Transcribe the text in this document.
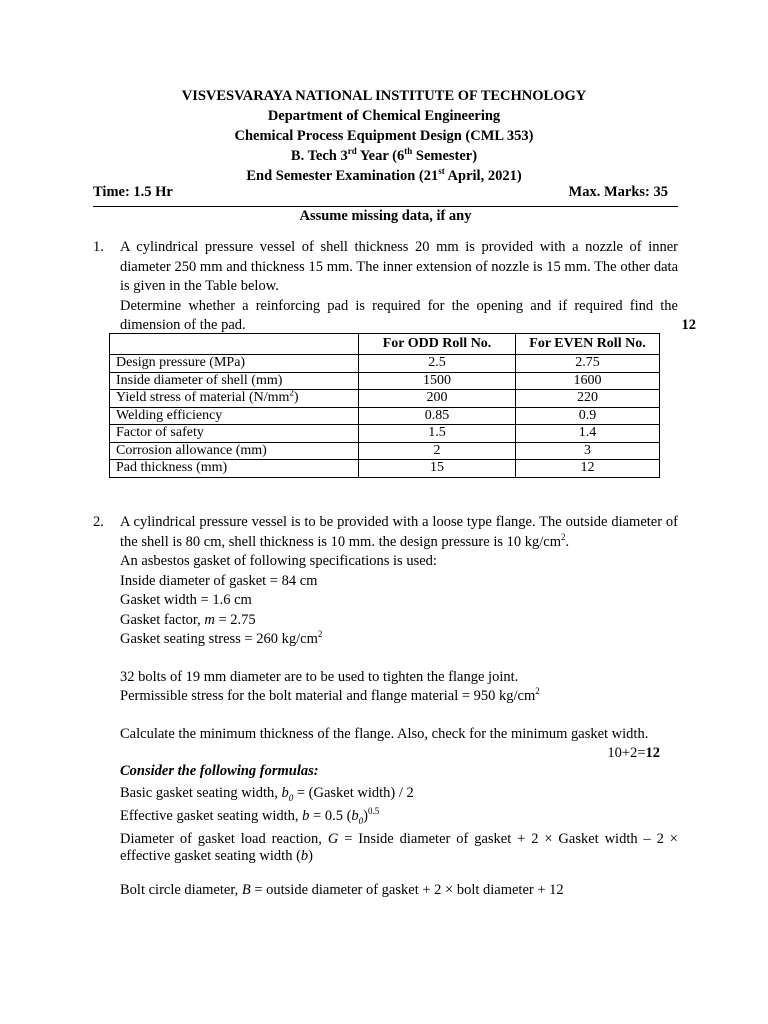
VISVESVARAYA NATIONAL INSTITUTE OF TECHNOLOGY
Department of Chemical Engineering
Chemical Process Equipment Design (CML 353)
B. Tech 3rd Year (6th Semester)
End Semester Examination (21st April, 2021)
Time: 1.5 Hr	Max. Marks: 35
Assume missing data, if any
1. A cylindrical pressure vessel of shell thickness 20 mm is provided with a nozzle of inner diameter 250 mm and thickness 15 mm. The inner extension of nozzle is 15 mm. The other data is given in the Table below.

Determine whether a reinforcing pad is required for the opening and if required find the dimension of the pad.	12

	For ODD Roll No.	For EVEN Roll No.
Design pressure (MPa)	2.5	2.75
Inside diameter of shell (mm)	1500	1600
Yield stress of material $(N/mm^2)$	200	220
Welding efficiency	0.85	0.9
Factor of safety	1.5	1.4
Corrosion allowance (mm)	2	3
Pad thickness (mm)	15	12
2. A cylindrical pressure vessel is to be provided with a loose type flange. The outside diameter of the shell is 80 cm, shell thickness is 10 mm. the design pressure is 10 $kg/cm^2$.

An asbestos gasket of following specifications is used:

Inside diameter of gasket = 84 cm

Gasket width = 1.6 cm

Gasket factor, m = 2.75

Gasket seating stress = 260 $kg/cm^2$

32 bolts of 19 mm diameter are to be used to tighten the flange joint.

Permissible stress for the bolt material and flange material = 950 $kg/cm^2$

Calculate the minimum thickness of the flange. Also, check for the minimum gasket width.
10+2=12

Consider the following formulas:

Basic gasket seating width, $b_0$ = (Gasket width) / 2

Effective gasket seating width, b = 0.5 $(b_0)^{0.5}$

Diameter of gasket load reaction, G = Inside diameter of gasket + 2 × Gasket width – 2 × effective gasket seating width (b)

Bolt circle diameter, B = outside diameter of gasket + 2 × bolt diameter + 12
